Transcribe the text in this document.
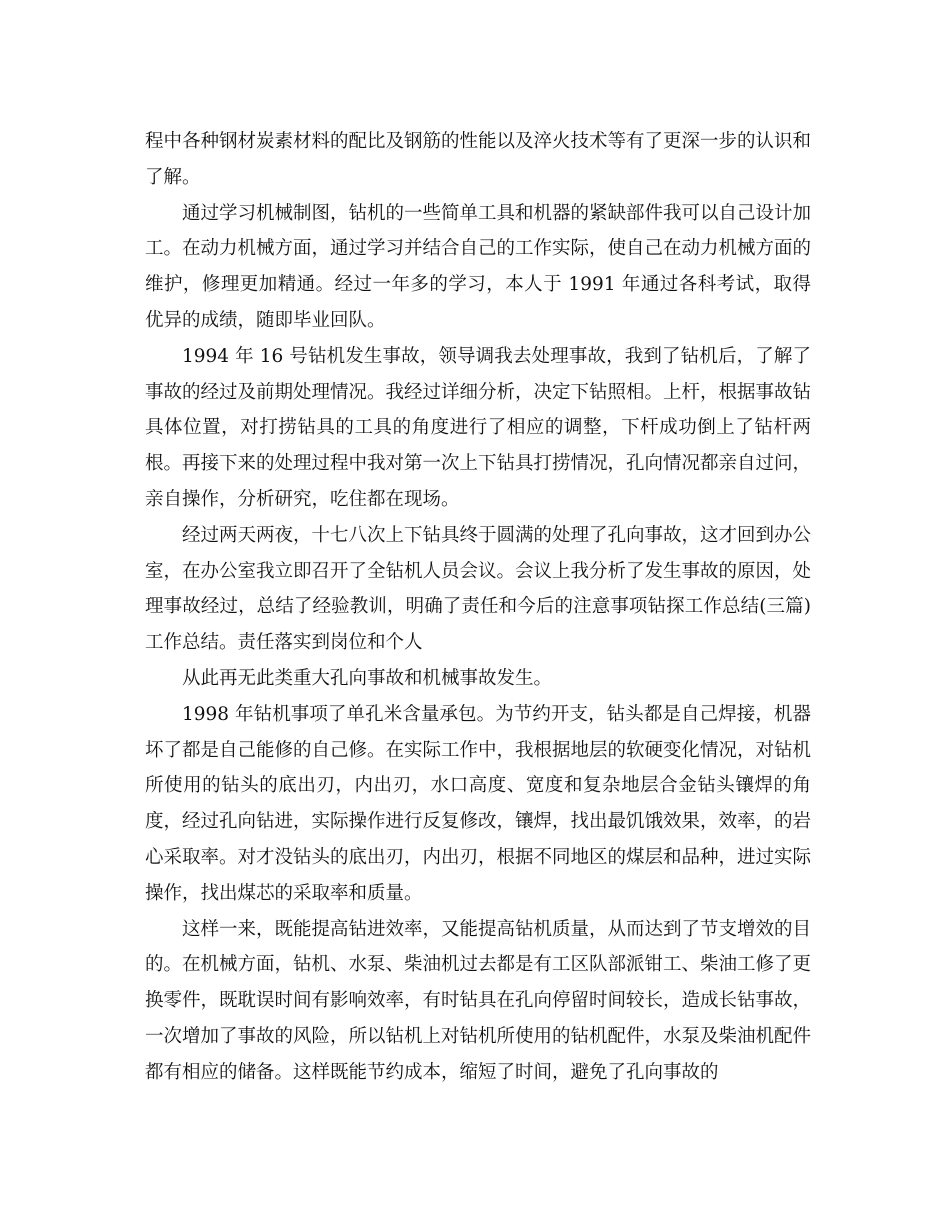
程中各种钢材炭素材料的配比及钢筋的性能以及淬火技术等有了更深一步的认识和了解。

通过学习机械制图，钻机的一些简单工具和机器的紧缺部件我可以自己设计加工。在动力机械方面，通过学习并结合自己的工作实际，使自己在动力机械方面的维护，修理更加精通。经过一年多的学习，本人于 1991 年通过各科考试，取得优异的成绩，随即毕业回队。

1994 年 16 号钻机发生事故，领导调我去处理事故，我到了钻机后，了解了事故的经过及前期处理情况。我经过详细分析，决定下钻照相。上杆，根据事故钻具体位置，对打捞钻具的工具的角度进行了相应的调整，下杆成功倒上了钻杆两根。再接下来的处理过程中我对第一次上下钻具打捞情况，孔向情况都亲自过问，亲自操作，分析研究，吃住都在现场。

经过两天两夜，十七八次上下钻具终于圆满的处理了孔向事故，这才回到办公室，在办公室我立即召开了全钻机人员会议。会议上我分析了发生事故的原因，处理事故经过，总结了经验教训，明确了责任和今后的注意事项钻探工作总结(三篇)工作总结。责任落实到岗位和个人

从此再无此类重大孔向事故和机械事故发生。

1998 年钻机事项了单孔米含量承包。为节约开支，钻头都是自己焊接，机器坏了都是自己能修的自己修。在实际工作中，我根据地层的软硬变化情况，对钻机所使用的钻头的底出刃，内出刃，水口高度、宽度和复杂地层合金钻头镶焊的角度，经过孔向钻进，实际操作进行反复修改，镶焊，找出最饥饿效果，效率，的岩心采取率。对才没钻头的底出刃，内出刃，根据不同地区的煤层和品种，进过实际操作，找出煤芯的采取率和质量。

这样一来，既能提高钻进效率，又能提高钻机质量，从而达到了节支增效的目的。在机械方面，钻机、水泵、柴油机过去都是有工区队部派钳工、柴油工修了更换零件，既耽误时间有影响效率，有时钻具在孔向停留时间较长，造成长钻事故，一次增加了事故的风险，所以钻机上对钻机所使用的钻机配件，水泵及柴油机配件都有相应的储备。这样既能节约成本，缩短了时间，避免了孔向事故的
